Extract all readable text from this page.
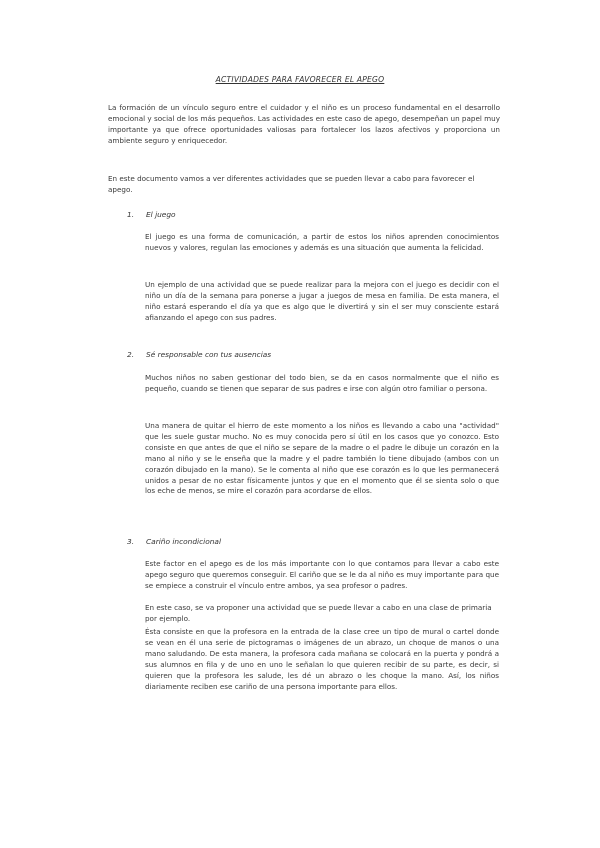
ACTIVIDADES PARA FAVORECER EL APEGO

La formación de un vínculo seguro entre el cuidador y el niño es un proceso fundamental en el desarrollo emocional y social de los más pequeños. Las actividades en este caso de apego, desempeñan un papel muy importante ya que ofrece oportunidades valiosas para fortalecer los lazos afectivos y proporciona un ambiente seguro y enriquecedor.

En este documento vamos a ver diferentes actividades que se pueden llevar a cabo para favorecer el apego.

1.	El juego

El juego es una forma de comunicación, a partir de estos los niños aprenden conocimientos nuevos y valores, regulan las emociones y además es una situación que aumenta la felicidad.

Un ejemplo de una actividad que se puede realizar para la mejora con el juego es decidir con el niño un día de la semana para ponerse a jugar a juegos de mesa en familia. De esta manera, el niño estará esperando el día ya que es algo que le divertirá y sin el ser muy consciente estará afianzando el apego con sus padres.

2.	Sé responsable con tus ausencias

Muchos niños no saben gestionar del todo bien, se da en casos normalmente que el niño es pequeño, cuando se tienen que separar de sus padres e irse con algún otro familiar o persona.

Una manera de quitar el hierro de este momento a los niños es llevando a cabo una "actividad" que les suele gustar mucho. No es muy conocida pero sí útil en los casos que yo conozco. Esto consiste en que antes de que el niño se separe de la madre o el padre le dibuje un corazón en la mano al niño y se le enseña que la madre y el padre también lo tiene dibujado (ambos con un corazón dibujado en la mano). Se le comenta al niño que ese corazón es lo que les permanecerá unidos a pesar de no estar físicamente juntos y que en el momento que él se sienta solo o que los eche de menos, se mire el corazón para acordarse de ellos.

3.	Cariño incondicional

Este factor en el apego es de los más importante con lo que contamos para llevar a cabo este apego seguro que queremos conseguir. El cariño que se le da al niño es muy importante para que se empiece a construir el vínculo entre ambos, ya sea profesor o padres.

En este caso, se va proponer una actividad que se puede llevar a cabo en una clase de primaria por ejemplo.

Ésta consiste en que la profesora en la entrada de la clase cree un tipo de mural o cartel donde se vean en él una serie de pictogramas o imágenes de un abrazo, un choque de manos o una mano saludando. De esta manera, la profesora cada mañana se colocará en la puerta y pondrá a sus alumnos en fila y de uno en uno le señalan lo que quieren recibir de su parte, es decir, si quieren que la profesora les salude, les dé un abrazo o les choque la mano. Así, los niños diariamente reciben ese cariño de una persona importante para ellos.
